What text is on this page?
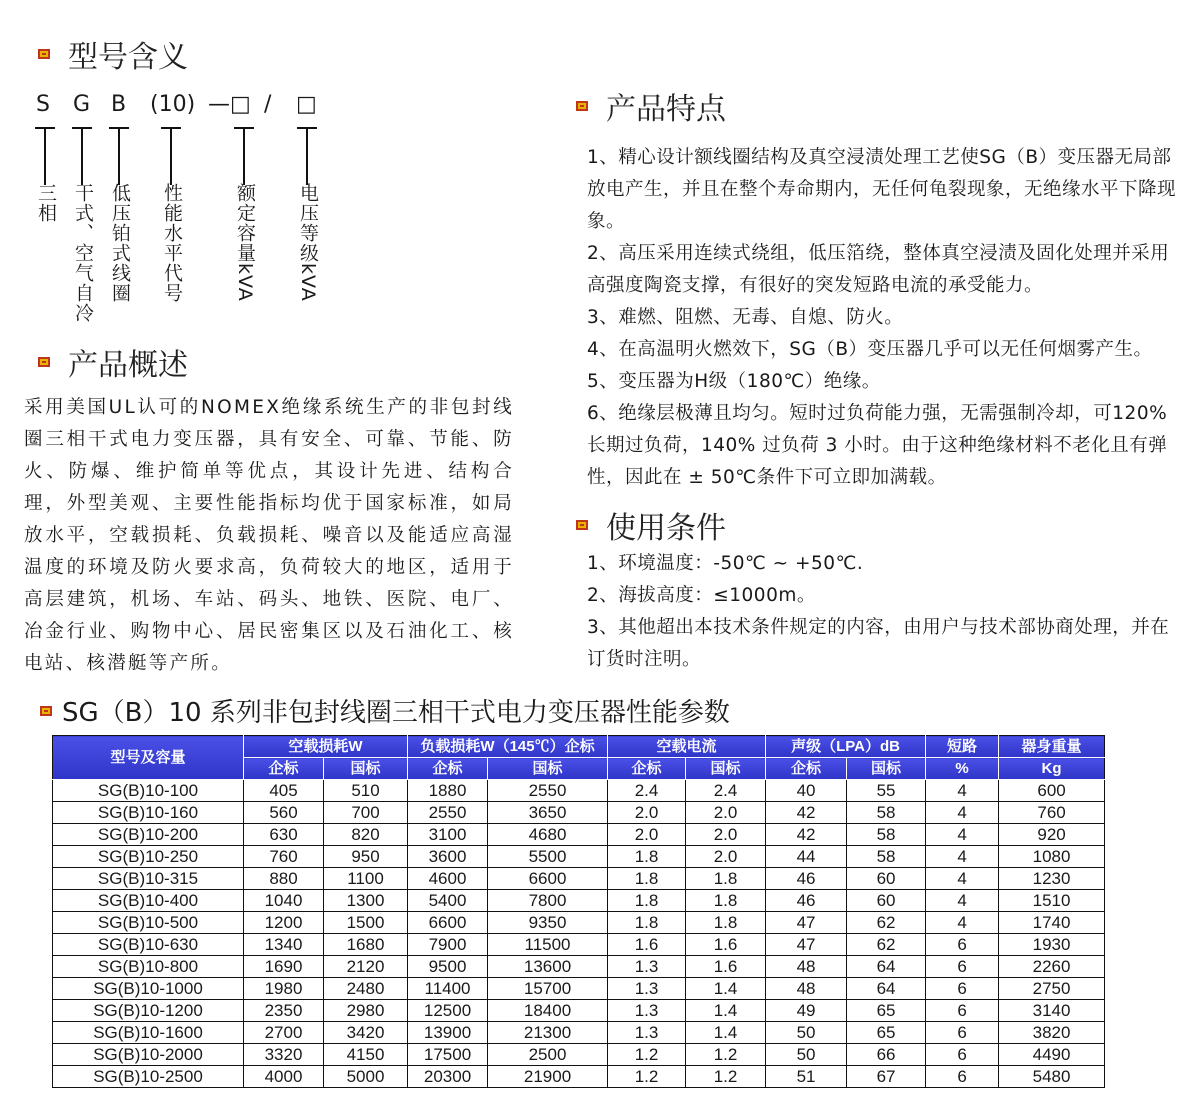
型号含义
S G B (10) —□ / □
三相 干式、空气自冷 低压铂式线圈 性能水平代号	额定容量kVA 电压等级kVA
产品概述
采用美国UL认可的NOMEX绝缘系统生产的非包封线圈三相干式电力变压器，具有安全、可靠、节能、防火、防爆、维护简单等优点，其设计先进、结构合理，外型美观、主要性能指标均优于国家标准，如局放水平，空载损耗、负载损耗、噪音以及能适应高湿温度的环境及防火要求高，负荷较大的地区，适用于高层建筑，机场、车站、码头、地铁、医院、电厂、冶金行业、购物中心、居民密集区以及石油化工、核电站、核潜艇等产所。
产品特点

1、精心设计额线圈结构及真空浸渍处理工艺使SG（B）变压器无局部放电产生，并且在整个寿命期内，无任何龟裂现象，无绝缘水平下降现象。

2、高压采用连续式绕组，低压箔绕，整体真空浸渍及固化处理并采用高强度陶瓷支撑，有很好的突发短路电流的承受能力。

3、难燃、阻燃、无毒、自熄、防火。

4、在高温明火燃效下，SG（B）变压器几乎可以无任何烟雾产生。

5、变压器为H级（180℃）绝缘。

6、绝缘层极薄且均匀。短时过负荷能力强，无需强制冷却，可120% 长期过负荷，140% 过负荷 3 小时。由于这种绝缘材料不老化且有弹性，因此在 ± 50℃条件下可立即加满载。

使用条件

1、环境温度：-50℃ ~ +50℃.

2、海拔高度：≤1000m。

3、其他超出本技术条件规定的内容，由用户与技术部协商处理，并在订货时注明。

SG（B）10 系列非包封线圈三相干式电力变压器性能参数
型号及容量	空载损耗W		负载损耗W（145℃）企标		空载电流		声级（LPA）dB		短路	器身重量
	企标	国标	企标	国标	企标	国标	企标	国标	%	Kg
SG(B)10-100	405	510	1880	2550	2.4	2.4	40	55	4	600
SG(B)10-160	560	700	2550	3650	2.0	2.0	42	58	4	760
SG(B)10-200	630	820	3100	4680	2.0	2.0	42	58	4	920
SG(B)10-250	760	950	3600	5500	1.8	2.0	44	58	4	1080
SG(B)10-315	880	1100	4600	6600	1.8	1.8	46	60	4	1230
SG(B)10-400	1040	1300	5400	7800	1.8	1.8	46	60	4	1510
SG(B)10-500	1200	1500	6600	9350	1.8	1.8	47	62	4	1740
SG(B)10-630	1340	1680	7900	11500	1.6	1.6	47	62	6	1930
SG(B)10-800	1690	2120	9500	13600	1.3	1.6	48	64	6	2260
SG(B)10-1000	1980	2480	11400	15700	1.3	1.4	48	64	6	2750
SG(B)10-1200	2350	2980	12500	18400	1.3	1.4	49	65	6	3140
SG(B)10-1600	2700	3420	13900	21300	1.3	1.4	50	65	6	3820
SG(B)10-2000	3320	4150	17500	2500	1.2	1.2	50	66	6	4490
SG(B)10-2500	4000	5000	20300	21900	1.2	1.2	51	67	6	5480
